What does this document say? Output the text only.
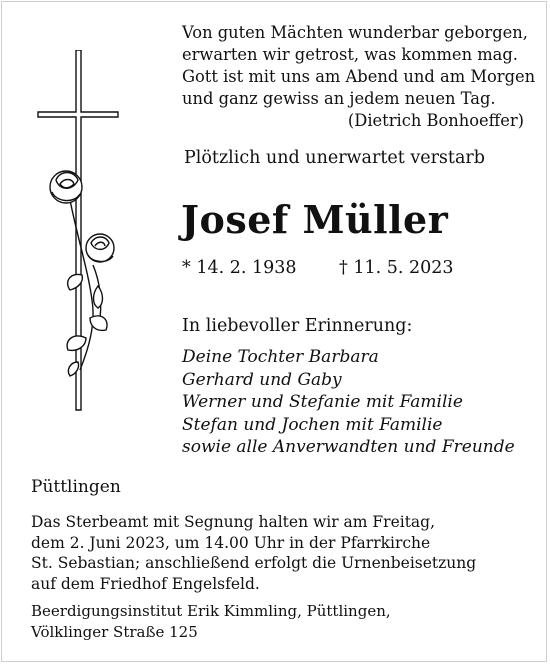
Von guten Mächten wunderbar geborgen,
erwarten wir getrost, was kommen mag.
Gott ist mit uns am Abend und am Morgen
und ganz gewiss an jedem neuen Tag.
(Dietrich Bonhoeffer)
Plötzlich und unerwartet verstarb
Josef Müller
* 14. 2. 1938 † 11. 5. 2023
In liebevoller Erinnerung:
Deine Tochter Barbara
Gerhard und Gaby
Werner und Stefanie mit Familie
Stefan und Jochen mit Familie
sowie alle Anverwandten und Freunde
Püttlingen
Das Sterbeamt mit Segnung halten wir am Freitag,
dem 2. Juni 2023, um 14.00 Uhr in der Pfarrkirche
St. Sebastian; anschließend erfolgt die Urnenbeisetzung
auf dem Friedhof Engelsfeld.
Beerdigungsinstitut Erik Kimmling, Püttlingen,
Völklinger Straße 125
